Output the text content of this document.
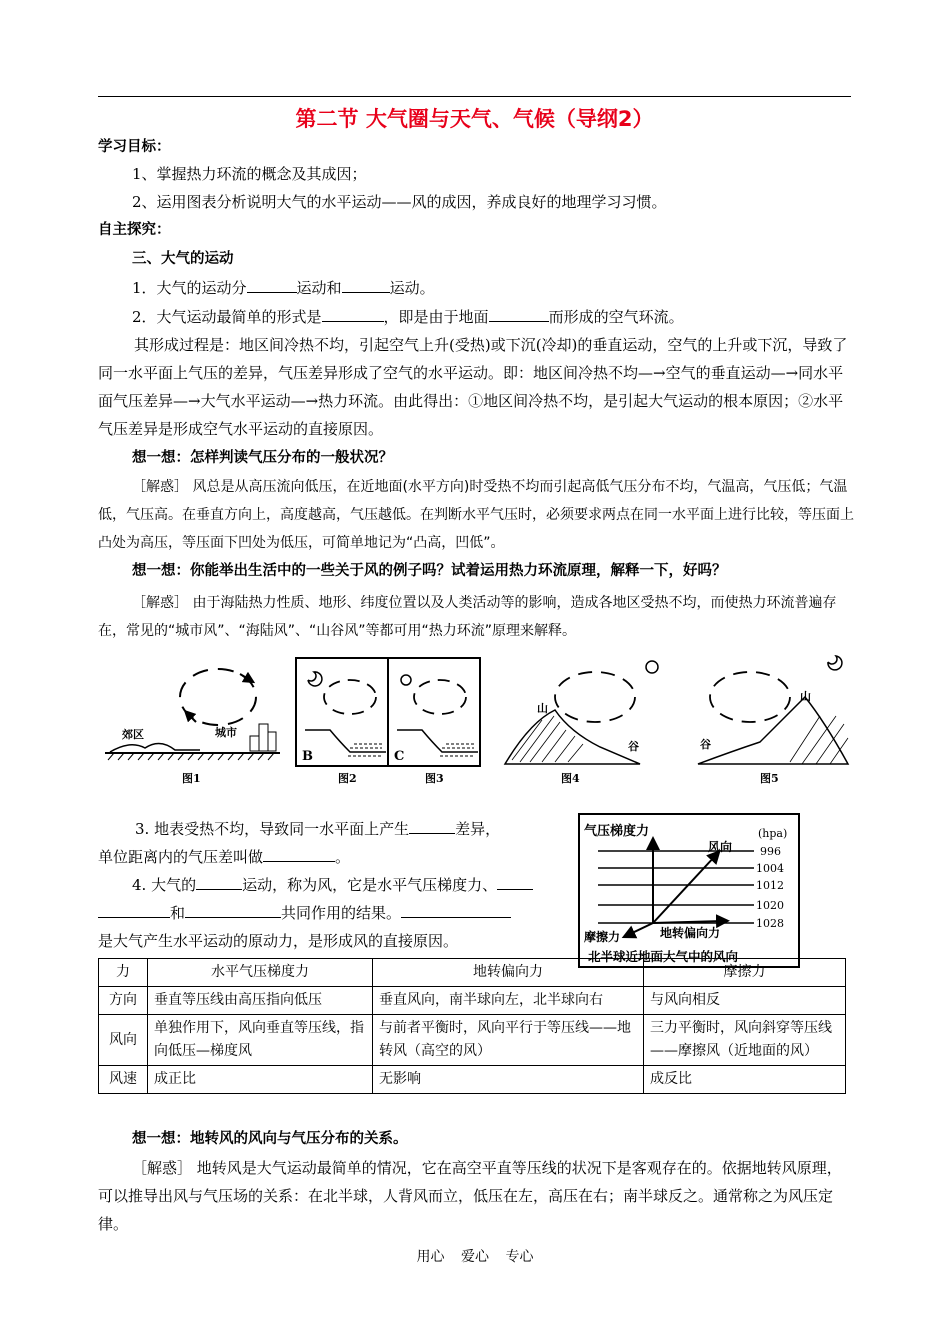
第二节 大气圈与天气、气候（导纲2）
学习目标：
1、掌握热力环流的概念及其成因；
2、运用图表分析说明大气的水平运动——风的成因，养成良好的地理学习习惯。
自主探究：
三、大气的运动
1．大气的运动分	运动和	运动。
2．大气运动最简单的形式是	，即是由于地面	而形成的空气环流。
其形成过程是：地区间冷热不均，引起空气上升(受热)或下沉(冷却)的垂直运动，空气的上升或下沉，导致了同一水平面上气压的差异，气压差异形成了空气的水平运动。即：地区间冷热不均—→空气的垂直运动—→同水平面气压差异—→大气水平运动—→热力环流。由此得出：①地区间冷热不均，是引起大气运动的根本原因；②水平气压差异是形成空气水平运动的直接原因。
想一想：怎样判读气压分布的一般状况？
［解惑］ 风总是从高压流向低压，在近地面(水平方向)时受热不均而引起高低气压分布不均，气温高，气压低；气温低，气压高。在垂直方向上，高度越高，气压越低。在判断水平气压时，必须要求两点在同一水平面上进行比较，等压面上凸处为高压，等压面下凹处为低压，可简单地记为“凸高，凹低”。
想一想：你能举出生活中的一些关于风的例子吗？试着运用热力环流原理，解释一下，好吗？
［解惑］ 由于海陆热力性质、地形、纬度位置以及人类活动等的影响，造成各地区受热不均，而使热力环流普遍存在，常见的“城市风”、“海陆风”、“山谷风”等都可用“热力环流”原理来解释。
郊区	城市
图1
B	C
图2	图3
山
谷
图4
山
谷
图5
3. 地表受热不均，导致同一水平面上产生	差异，
单位距离内的气压差叫做	。
4. 大气的	运动，称为风，它是水平气压梯度力、
和	共同作用的结果。
是大气产生水平运动的原动力，是形成风的直接原因。
气压梯度力	(hpa)
风向	996
1004
1012
1020
1028
摩擦力	地转偏向力
北半球近地面大气中的风向
力	水平气压梯度力	地转偏向力	摩擦力
方向	垂直等压线由高压指向低压	垂直风向，南半球向左，北半球向右	与风向相反
风向	单独作用下，风向垂直等压线，指向低压—梯度风	与前者平衡时，风向平行于等压线——地转风（高空的风）	三力平衡时，风向斜穿等压线——摩擦风（近地面的风）
风速	成正比	无影响	成反比
想一想：地转风的风向与气压分布的关系。
［解惑］ 地转风是大气运动最简单的情况，它在高空平直等压线的状况下是客观存在的。依据地转风原理，可以推导出风与气压场的关系：在北半球，人背风而立，低压在左，高压在右；南半球反之。通常称之为风压定律。
用心 爱心 专心
